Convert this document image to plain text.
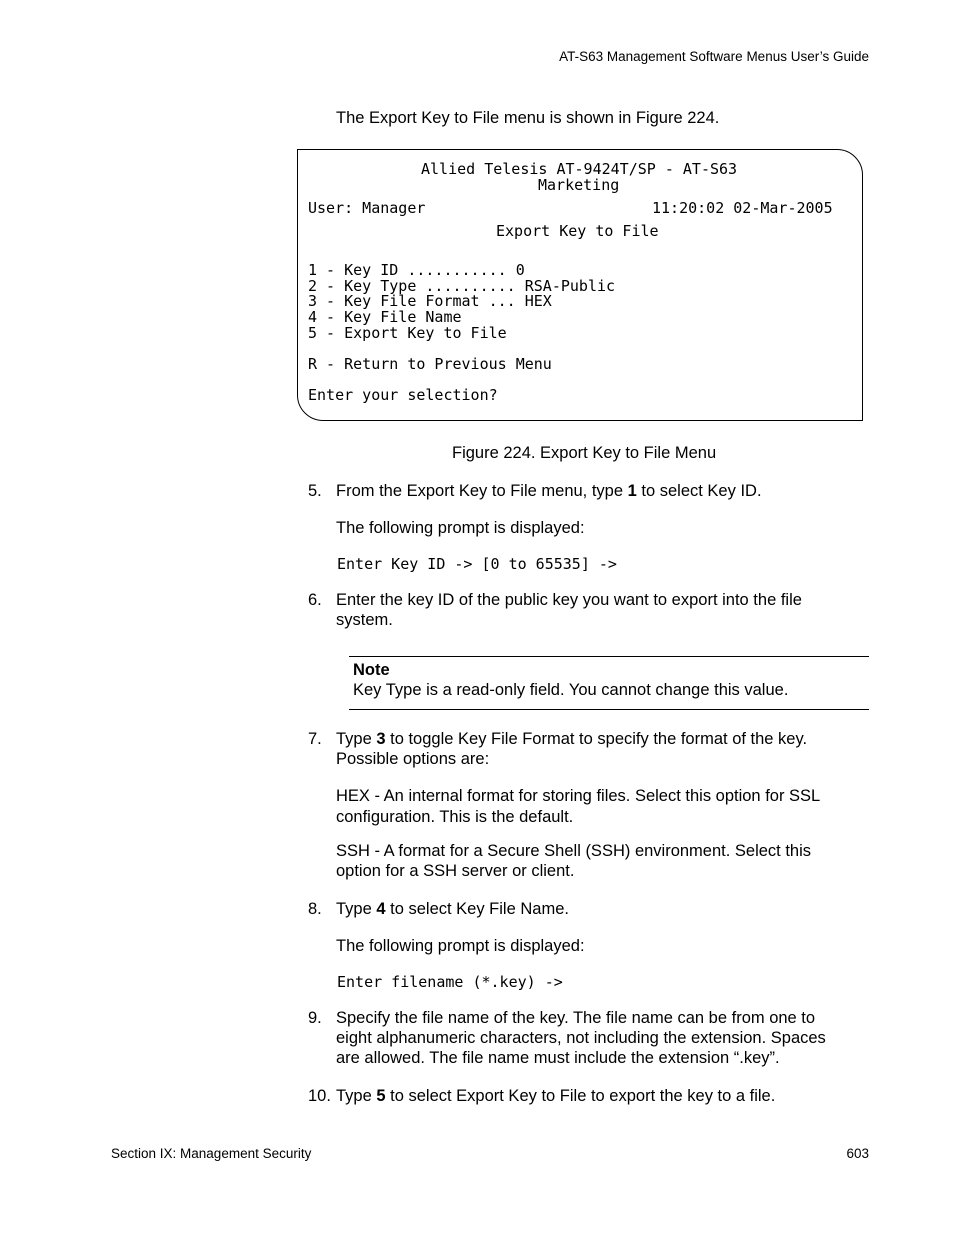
AT-S63 Management Software Menus User’s Guide
The Export Key to File menu is shown in Figure 224.
Allied Telesis AT-9424T/SP - AT-S63
Marketing
User: Manager	11:20:02 02-Mar-2005
Export Key to File
1 - Key ID ........... 0
2 - Key Type .......... RSA-Public
3 - Key File Format ... HEX
4 - Key File Name
5 - Export Key to File
R - Return to Previous Menu
Enter your selection?
Figure 224. Export Key to File Menu
5. From the Export Key to File menu, type 1 to select Key ID.
The following prompt is displayed:
Enter Key ID -> [0 to 65535] ->
6. Enter the key ID of the public key you want to export into the file
system.
Note
Key Type is a read-only field. You cannot change this value.
7. Type 3 to toggle Key File Format to specify the format of the key.
Possible options are:
HEX - An internal format for storing files. Select this option for SSL
configuration. This is the default.
SSH - A format for a Secure Shell (SSH) environment. Select this
option for a SSH server or client.
8. Type 4 to select Key File Name.
The following prompt is displayed:
Enter filename (*.key) ->
9. Specify the file name of the key. The file name can be from one to
eight alphanumeric characters, not including the extension. Spaces
are allowed. The file name must include the extension “.key”.
10. Type 5 to select Export Key to File to export the key to a file.
Section IX: Management Security	603
